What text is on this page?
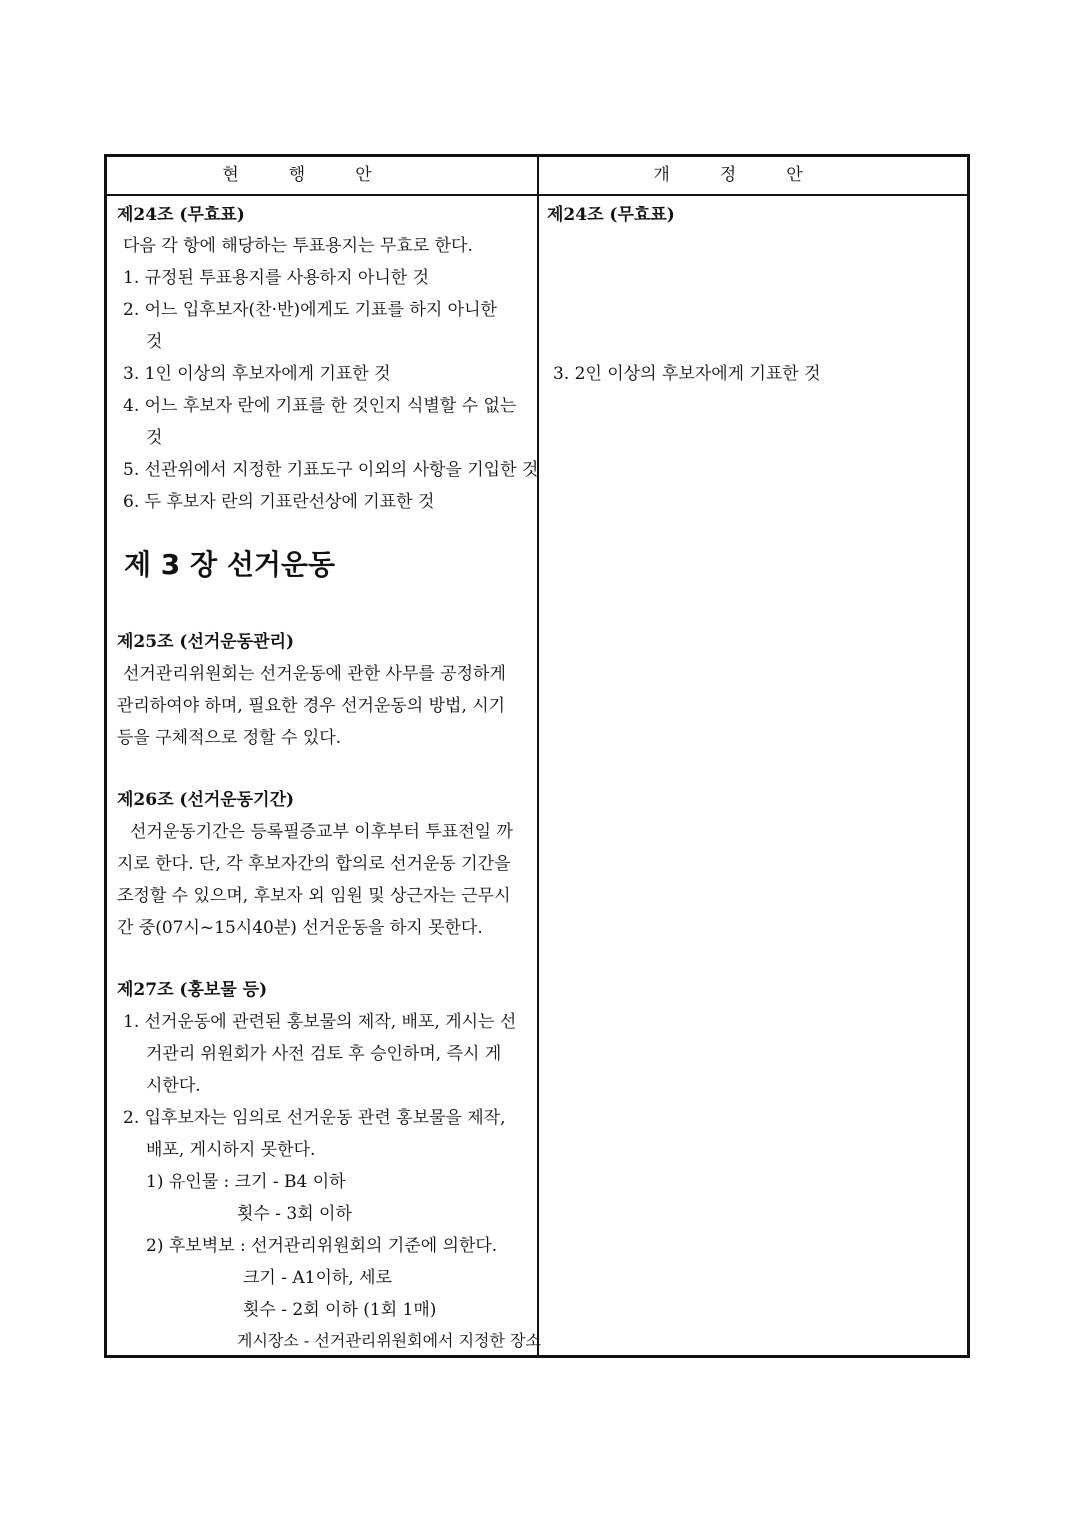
현행안	개정안
제24조 (무효표)
다음 각 항에 해당하는 투표용지는 무효로 한다.
1. 규정된 투표용지를 사용하지 아니한 것
2. 어느 입후보자(찬·반)에게도 기표를 하지 아니한
것
3. 1인 이상의 후보자에게 기표한 것
4. 어느 후보자 란에 기표를 한 것인지 식별할 수 없는
것
5. 선관위에서 지정한 기표도구 이외의 사항을 기입한 것
6. 두 후보자 란의 기표란선상에 기표한 것
제 3 장 선거운동
제25조 (선거운동관리)
선거관리위원회는 선거운동에 관한 사무를 공정하게
관리하여야 하며, 필요한 경우 선거운동의 방법, 시기
등을 구체적으로 정할 수 있다.
제26조 (선거운동기간)
선거운동기간은 등록필증교부 이후부터 투표전일 까
지로 한다. 단, 각 후보자간의 합의로 선거운동 기간을
조정할 수 있으며, 후보자 외 임원 및 상근자는 근무시
간 중(07시~15시40분) 선거운동을 하지 못한다.
제27조 (홍보물 등)
1. 선거운동에 관련된 홍보물의 제작, 배포, 게시는 선
거관리 위원회가 사전 검토 후 승인하며, 즉시 게
시한다.
2. 입후보자는 임의로 선거운동 관련 홍보물을 제작,
배포, 게시하지 못한다.
1) 유인물 : 크기 - B4 이하
횟수 - 3회 이하
2) 후보벽보 : 선거관리위원회의 기준에 의한다.
크기 - A1이하, 세로
횟수 - 2회 이하 (1회 1매)
게시장소 - 선거관리위원회에서 지정한 장소
제24조 (무효표)
3. 2인 이상의 후보자에게 기표한 것
